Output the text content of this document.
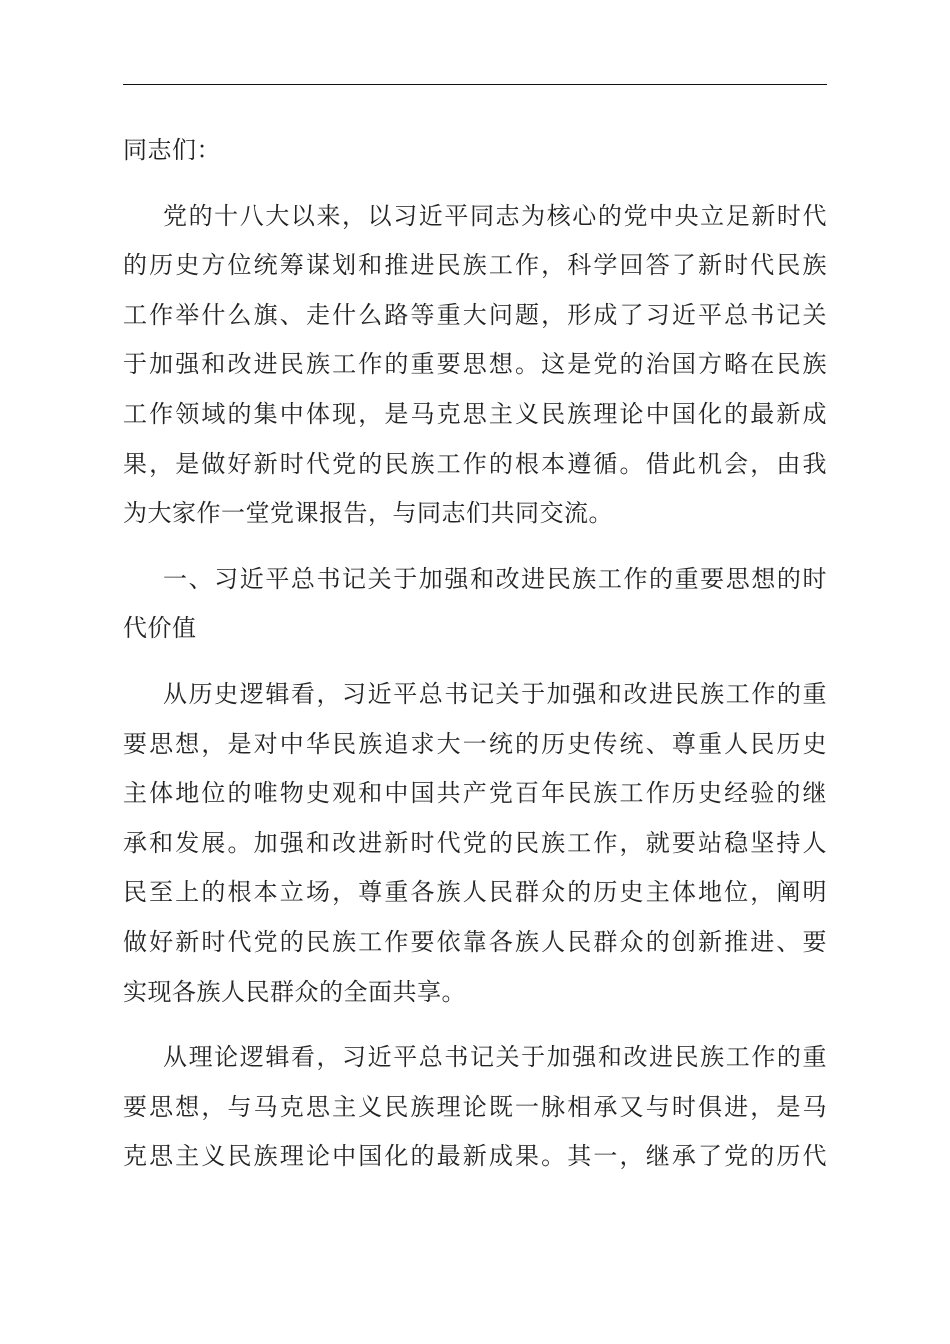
同志们：
党的十八大以来，以习近平同志为核心的党中央立足新时代
的历史方位统筹谋划和推进民族工作，科学回答了新时代民族
工作举什么旗、走什么路等重大问题，形成了习近平总书记关
于加强和改进民族工作的重要思想。这是党的治国方略在民族
工作领域的集中体现，是马克思主义民族理论中国化的最新成
果，是做好新时代党的民族工作的根本遵循。借此机会，由我
为大家作一堂党课报告，与同志们共同交流。
一、习近平总书记关于加强和改进民族工作的重要思想的时
代价值
从历史逻辑看，习近平总书记关于加强和改进民族工作的重
要思想，是对中华民族追求大一统的历史传统、尊重人民历史
主体地位的唯物史观和中国共产党百年民族工作历史经验的继
承和发展。加强和改进新时代党的民族工作，就要站稳坚持人
民至上的根本立场，尊重各族人民群众的历史主体地位，阐明
做好新时代党的民族工作要依靠各族人民群众的创新推进、要
实现各族人民群众的全面共享。
从理论逻辑看，习近平总书记关于加强和改进民族工作的重
要思想，与马克思主义民族理论既一脉相承又与时俱进，是马
克思主义民族理论中国化的最新成果。其一，继承了党的历代
